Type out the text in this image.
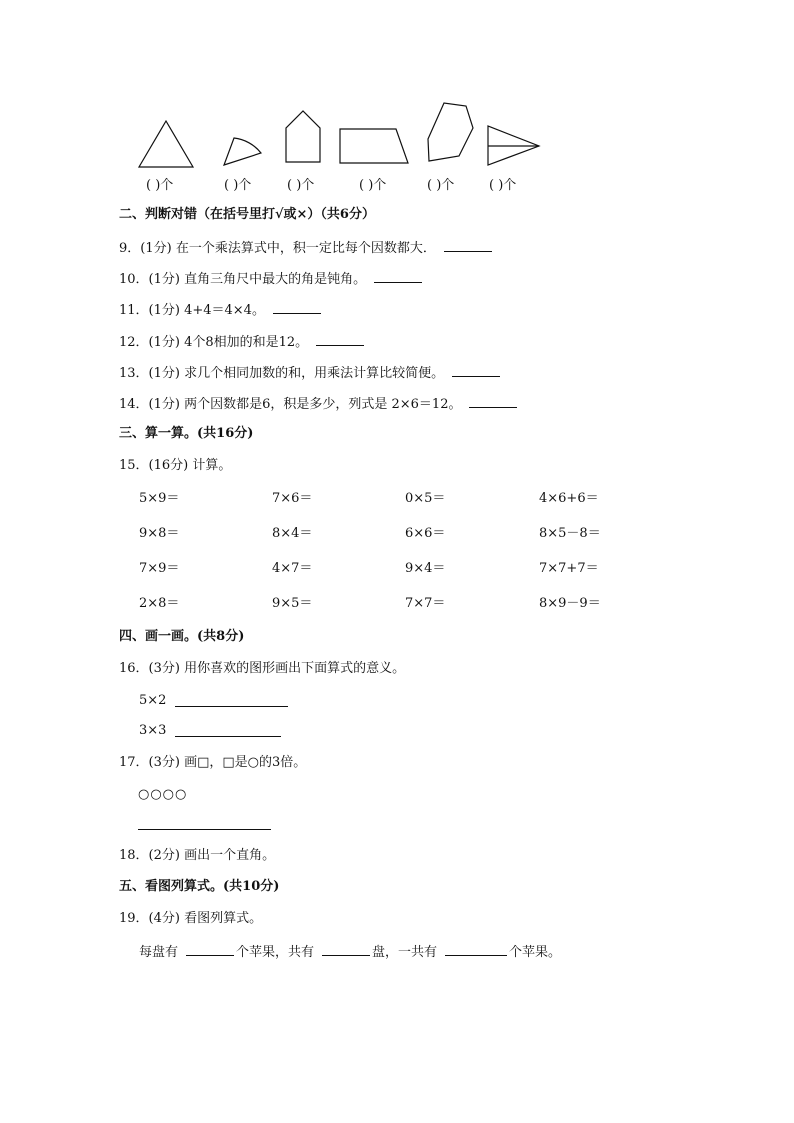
( )个	( )个	( )个	( )个	( )个	( )个
二、判断对错（在括号里打√或×）（共6分）
9．(1分) 在一个乘法算式中，积一定比每个因数都大．
10．(1分) 直角三角尺中最大的角是钝角。
11．(1分) 4+4＝4×4。
12．(1分) 4个8相加的和是12。
13．(1分) 求几个相同加数的和，用乘法计算比较简便。
14．(1分) 两个因数都是6，积是多少，列式是 2×6＝12。
三、算一算。(共16分)
15．(16分) 计算。
5×9＝	7×6＝	0×5＝	4×6+6＝
9×8＝	8×4＝	6×6＝	8×5－8＝
7×9＝	4×7＝	9×4＝	7×7+7＝
2×8＝	9×5＝	7×7＝	8×9－9＝
四、画一画。(共8分)
16．(3分) 用你喜欢的图形画出下面算式的意义。
5×2
3×3
17．(3分) 画□，□是○的3倍。
○○○○
18．(2分) 画出一个直角。
五、看图列算式。(共10分)
19．(4分) 看图列算式。
每盘有	个苹果，共有	盘，一共有	个苹果。
